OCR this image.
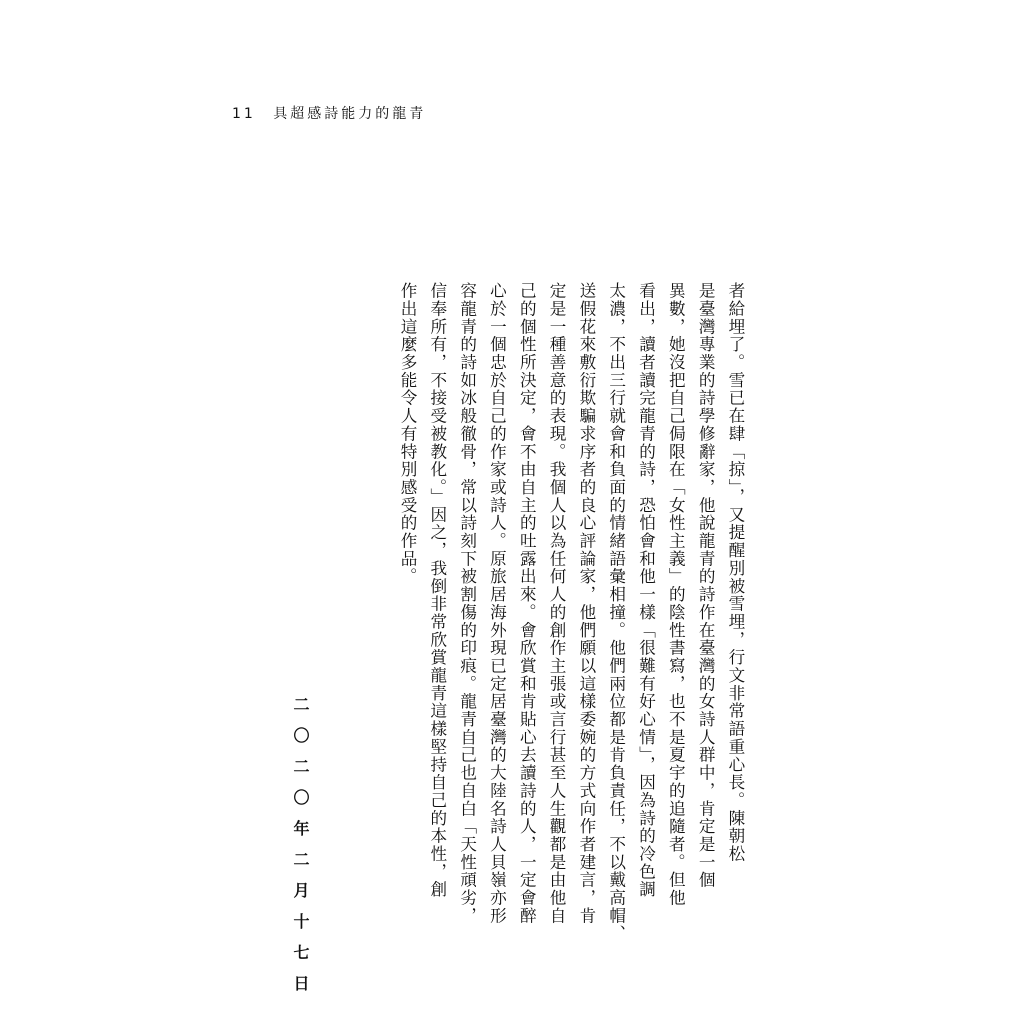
11 具超感詩能力的龍青
者給埋了。雪已在肆「掠」，又提醒別被雪埋，行文非常語重心長。陳朝松
是臺灣專業的詩學修辭家，他說龍青的詩作在臺灣的女詩人群中，肯定是一個
異數，她沒把自己侷限在「女性主義」的陰性書寫，也不是夏宇的追隨者。但他
看出，讀者讀完龍青的詩，恐怕會和他一樣「很難有好心情」，因為詩的冷色調
太濃，不出三行就會和負面的情緒語彙相撞。他們兩位都是肯負責任，不以戴高帽、
送假花來敷衍欺騙求序者的良心評論家，他們願以這樣委婉的方式向作者建言，肯
定是一種善意的表現。我個人以為任何人的創作主張或言行甚至人生觀都是由他自
己的個性所決定，會不由自主的吐露出來。會欣賞和肯貼心去讀詩的人，一定會醉
心於一個忠於自己的作家或詩人。原旅居海外現已定居臺灣的大陸名詩人貝嶺亦形
容龍青的詩如冰般徹骨，常以詩刻下被割傷的印痕。龍青自己也自白「天性頑劣，
信奉所有，不接受被教化。」因之，我倒非常欣賞龍青這樣堅持自己的本性，創
作出這麼多能令人有特別感受的作品。
二〇二〇年二月十七日
